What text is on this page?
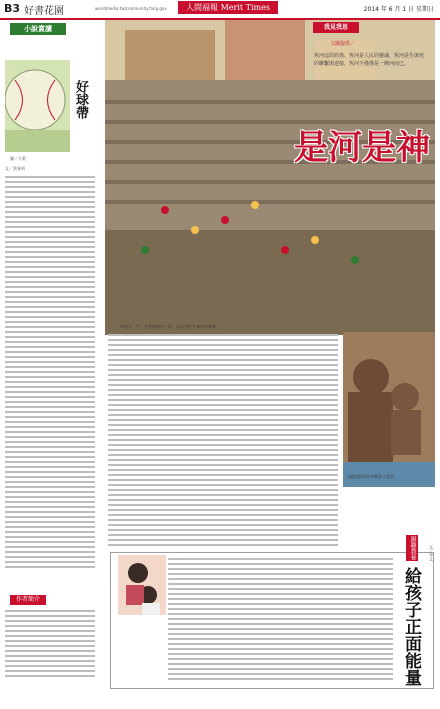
B3 好書花園	worldmedia.tw/community.fang.gov	人間福報 Merit Times	2014 年 6 月 1 日 星期日
小說賞讀
好球帶
圖／九歌
文／黃春明
作者簡介
我見我思
文圖提供／
恆河這段經典、恆河是人民的靈魂，恆河是生與死的聯繫與連接，恆河不僅僅是一條河而已。
是河是神
印度人一生一定要來恆河一次，以此淨化生命中的罪業。
父親用恆河河水替孩子洗浴。
親職教養	文／李文
給孩子正面能量
